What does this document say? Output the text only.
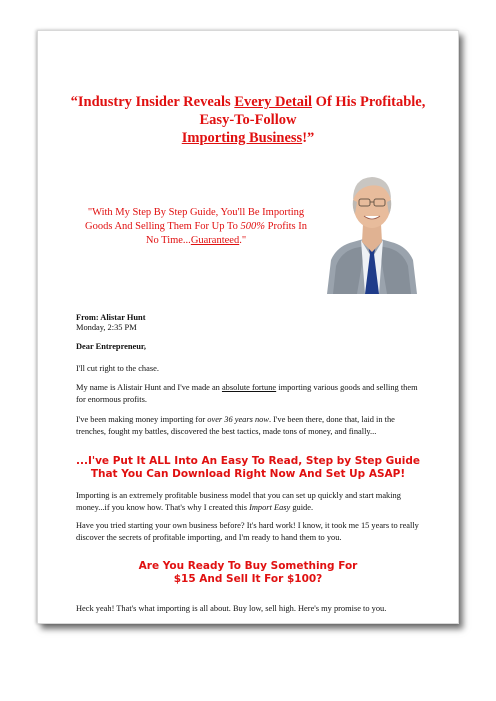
“Industry Insider Reveals Every Detail Of His Profitable,
Easy-To-Follow
Importing Business!”
"With My Step By Step Guide, You'll Be Importing Goods And Selling Them For Up To 500% Profits In No Time...Guaranteed."
From: Alistar Hunt
Monday, 2:35 PM
Dear Entrepreneur,
I'll cut right to the chase.
My name is Alistair Hunt and I've made an absolute fortune importing various goods and selling them for enormous profits.
I've been making money importing for over 36 years now. I've been there, done that, laid in the trenches, fought my battles, discovered the best tactics, made tons of money, and finally...
...I've Put It ALL Into An Easy To Read, Step by Step Guide
That You Can Download Right Now And Set Up ASAP!
Importing is an extremely profitable business model that you can set up quickly and start making money...if you know how. That's why I created this Import Easy guide.
Have you tried starting your own business before? It's hard work! I know, it took me 15 years to really discover the secrets of profitable importing, and I'm ready to hand them to you.
Are You Ready To Buy Something For
$15 And Sell It For $100?
Heck yeah! That's what importing is all about. Buy low, sell high. Here's my promise to you.
